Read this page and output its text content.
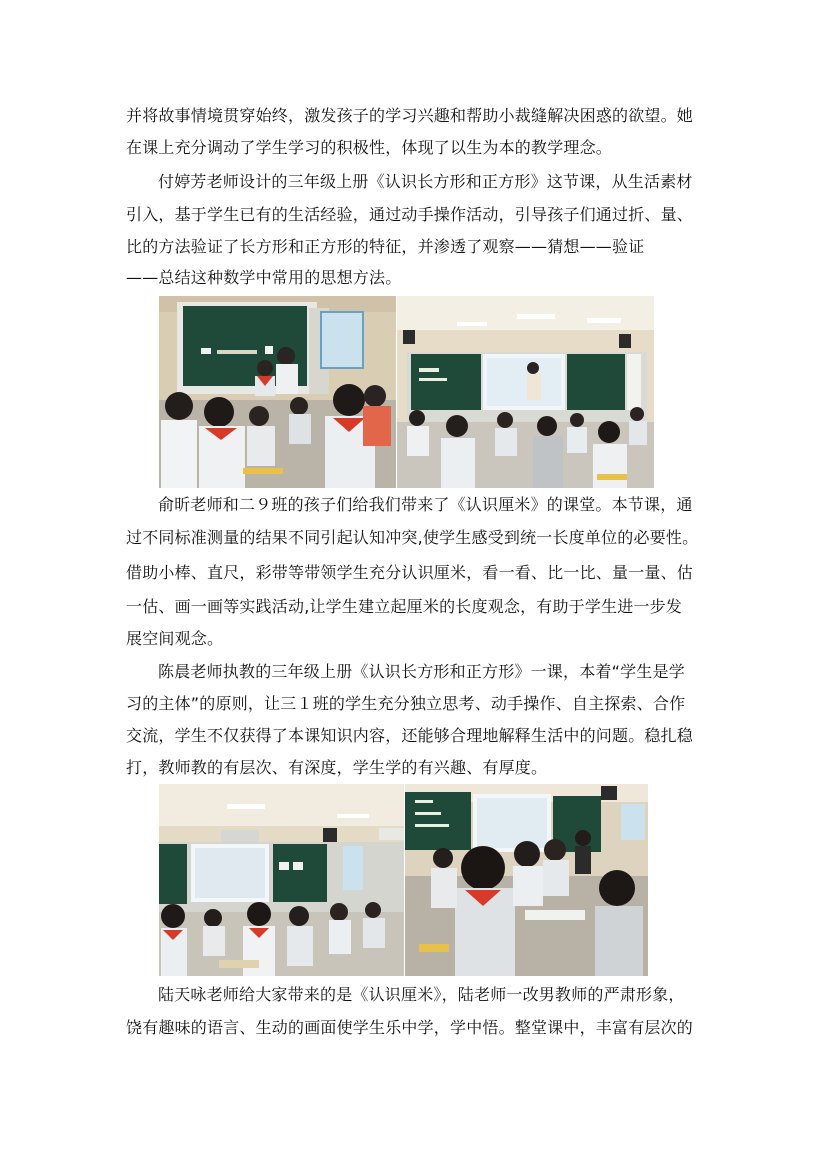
并将故事情境贯穿始终，激发孩子的学习兴趣和帮助小裁缝解决困惑的欲望。她
在课上充分调动了学生学习的积极性，体现了以生为本的教学理念。
付婷芳老师设计的三年级上册《认识长方形和正方形》这节课，从生活素材
引入，基于学生已有的生活经验，通过动手操作活动，引导孩子们通过折、量、
比的方法验证了长方形和正方形的特征，并渗透了观察——猜想——验证
——总结这种数学中常用的思想方法。
俞昕老师和二９班的孩子们给我们带来了《认识厘米》的课堂。本节课，通
过不同标准测量的结果不同引起认知冲突,使学生感受到统一长度单位的必要性。
借助小棒、直尺，彩带等带领学生充分认识厘米，看一看、比一比、量一量、估
一估、画一画等实践活动,让学生建立起厘米的长度观念，有助于学生进一步发
展空间观念。
陈晨老师执教的三年级上册《认识长方形和正方形》一课，本着“学生是学
习的主体”的原则，让三１班的学生充分独立思考、动手操作、自主探索、合作
交流，学生不仅获得了本课知识内容，还能够合理地解释生活中的问题。稳扎稳
打，教师教的有层次、有深度，学生学的有兴趣、有厚度。
陆天咏老师给大家带来的是《认识厘米》，陆老师一改男教师的严肃形象，
饶有趣味的语言、生动的画面使学生乐中学，学中悟。整堂课中，丰富有层次的
